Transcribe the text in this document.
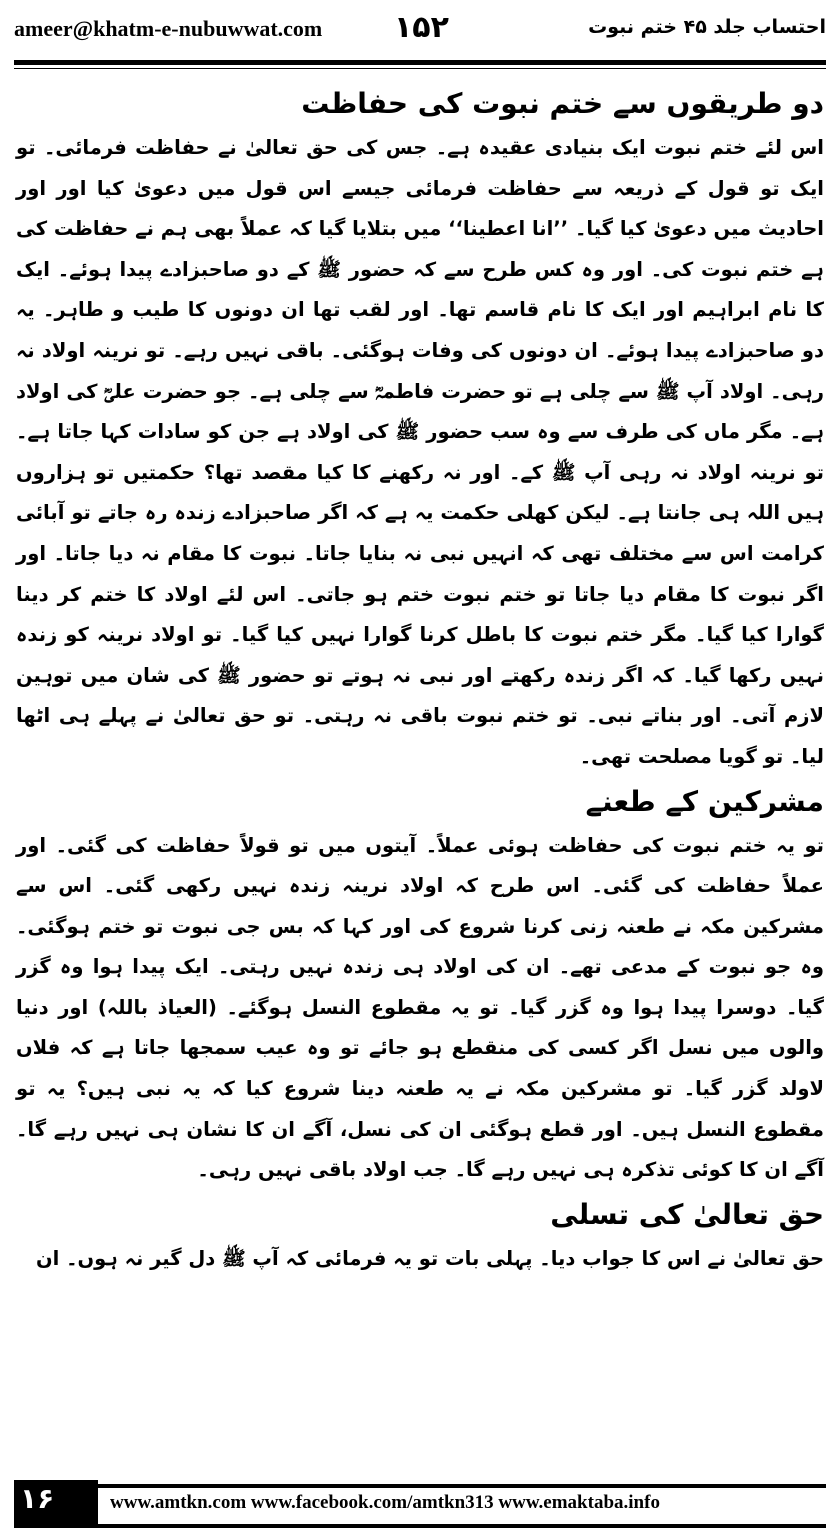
ameer@khatm-e-nubuwwat.com ۱۵۲	احتساب جلد ۴۵ ختم نبوت
دو طریقوں سے ختم نبوت کی حفاظت

اس لئے ختم نبوت ایک بنیادی عقیدہ ہے۔ جس کی حق تعالیٰ نے حفاظت فرمائی۔ تو ایک تو قول کے ذریعہ سے حفاظت فرمائی جیسے اس قول میں دعویٰ کیا اور اور احادیث میں دعویٰ کیا گیا۔ ’’انا اعطینا‘‘ میں بتلایا گیا کہ عملاً بھی ہم نے حفاظت کی ہے ختم نبوت کی۔ اور وہ کس طرح سے کہ حضور ﷺ کے دو صاحبزادے پیدا ہوئے۔ ایک کا نام ابراہیم اور ایک کا نام قاسم تھا۔ اور لقب تھا ان دونوں کا طیب و طاہر۔ یہ دو صاحبزادے پیدا ہوئے۔ ان دونوں کی وفات ہوگئی۔ باقی نہیں رہے۔ تو نرینہ اولاد نہ رہی۔ اولاد آپ ﷺ سے چلی ہے تو حضرت فاطمہؓ سے چلی ہے۔ جو حضرت علیؓ کی اولاد ہے۔ مگر ماں کی طرف سے وہ سب حضور ﷺ کی اولاد ہے جن کو سادات کہا جاتا ہے۔ تو نرینہ اولاد نہ رہی آپ ﷺ کے۔ اور نہ رکھنے کا کیا مقصد تھا؟ حکمتیں تو ہزاروں ہیں اللہ ہی جانتا ہے۔ لیکن کھلی حکمت یہ ہے کہ اگر صاحبزادے زندہ رہ جاتے تو آبائی کرامت اس سے مختلف تھی کہ انہیں نبی نہ بنایا جاتا۔ نبوت کا مقام نہ دیا جاتا۔ اور اگر نبوت کا مقام دیا جاتا تو ختم نبوت ختم ہو جاتی۔ اس لئے اولاد کا ختم کر دینا گوارا کیا گیا۔ مگر ختم نبوت کا باطل کرنا گوارا نہیں کیا گیا۔ تو اولاد نرینہ کو زندہ نہیں رکھا گیا۔ کہ اگر زندہ رکھتے اور نبی نہ ہوتے تو حضور ﷺ کی شان میں توہین لازم آتی۔ اور بناتے نبی۔ تو ختم نبوت باقی نہ رہتی۔ تو حق تعالیٰ نے پہلے ہی اٹھا لیا۔ تو گویا مصلحت تھی۔

مشرکین کے طعنے

تو یہ ختم نبوت کی حفاظت ہوئی عملاً۔ آیتوں میں تو قولاً حفاظت کی گئی۔ اور عملاً حفاظت کی گئی۔ اس طرح کہ اولاد نرینہ زندہ نہیں رکھی گئی۔ اس سے مشرکین مکہ نے طعنہ زنی کرنا شروع کی اور کہا کہ بس جی نبوت تو ختم ہوگئی۔ وہ جو نبوت کے مدعی تھے۔ ان کی اولاد ہی زندہ نہیں رہتی۔ ایک پیدا ہوا وہ گزر گیا۔ دوسرا پیدا ہوا وہ گزر گیا۔ تو یہ مقطوع النسل ہوگئے۔ (العیاذ باللہ) اور دنیا والوں میں نسل اگر کسی کی منقطع ہو جائے تو وہ عیب سمجھا جاتا ہے کہ فلاں لاولد گزر گیا۔ تو مشرکین مکہ نے یہ طعنہ دینا شروع کیا کہ یہ نبی ہیں؟ یہ تو مقطوع النسل ہیں۔ اور قطع ہوگئی ان کی نسل، آگے ان کا نشان ہی نہیں رہے گا۔ آگے ان کا کوئی تذکرہ ہی نہیں رہے گا۔ جب اولاد باقی نہیں رہی۔

حق تعالیٰ کی تسلی

حق تعالیٰ نے اس کا جواب دیا۔ پہلی بات تو یہ فرمائی کہ آپ ﷺ دل گیر نہ ہوں۔ ان

۱۶	www.amtkn.com www.facebook.com/amtkn313 www.emaktaba.info
